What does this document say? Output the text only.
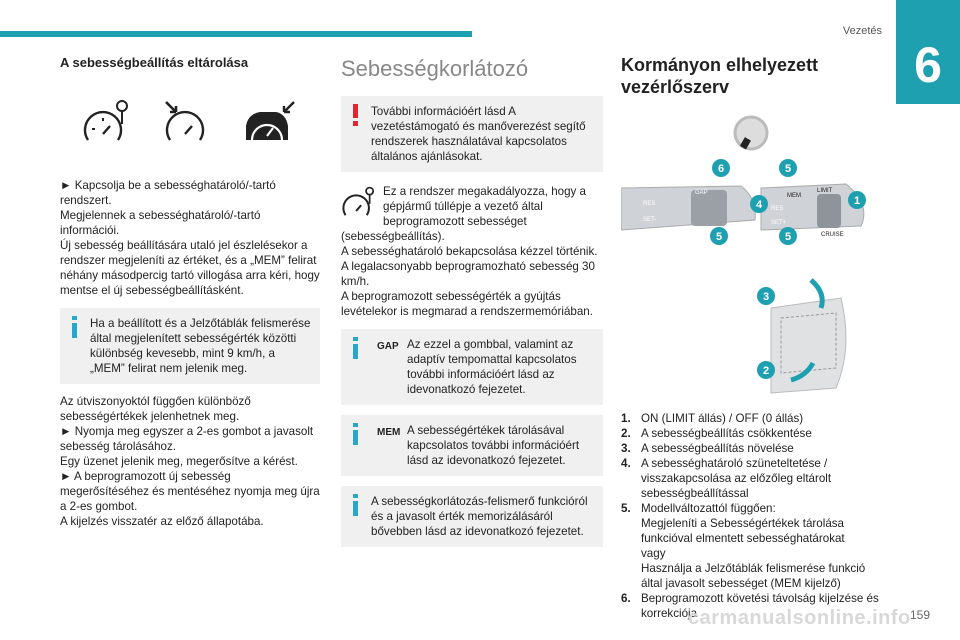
Vezetés
6
A sebességbeállítás eltárolása

► Kapcsolja be a sebességhatároló/-tartó rendszert.
Megjelennek a sebességhatároló/-tartó információi.
Új sebesség beállítására utaló jel észlelésekor a rendszer megjeleníti az értéket, és a „MEM” felirat néhány másodpercig tartó villogása arra kéri, hogy mentse el új sebességbeállításként.

Ha a beállított és a Jelzőtáblák felismerése által megjelenített sebességérték közötti különbség kevesebb, mint 9 km/h, a „MEM” felirat nem jelenik meg.

Az útviszonyoktól függően különböző sebességértékek jelenhetnek meg.
► Nyomja meg egyszer a 2-es gombot a javasolt sebesség tárolásához.
Egy üzenet jelenik meg, megerősítve a kérést.
► A beprogramozott új sebesség megerősítéséhez és mentéséhez nyomja meg újra a 2-es gombot.
A kijelzés visszatér az előző állapotába.

Sebességkorlátozó
További információért lásd A vezetéstámogató és manőverezést segítő rendszerek használatával kapcsolatos általános ajánlásokat.

Ez a rendszer megakadályozza, hogy a gépjármű túllépje a vezető által beprogramozott sebességet (sebességbeállítás).
A sebességhatároló bekapcsolása kézzel történik.
A legalacsonyabb beprogramozható sebesség 30 km/h.
A beprogramozott sebességérték a gyújtás levételekor is megmarad a rendszermemóriában.

GAP Az ezzel a gombbal, valamint az adaptív tempomattal kapcsolatos további információért lásd az idevonatkozó fejezetet.
MEM A sebességértékek tárolásával kapcsolatos további információért lásd az idevonatkozó fejezetet.
A sebességkorlátozás-felismerő funkcióról és a javasolt érték memorizálásáról bővebben lásd az idevonatkozó fejezetet.
Kormányon elhelyezett vezérlőszerv
RES
SET-
GAP	MEM
LIMIT
CRUISE
RES
SET+
6	5
4	1
5	5
3
2
1. ON (LIMIT állás) / OFF (0 állás)
2. A sebességbeállítás csökkentése
3. A sebességbeállítás növelése
4. A sebességhatároló szüneteltetése / visszakapcsolása az előzőleg eltárolt sebességbeállítással
5. Modellváltozattól függően:
Megjeleníti a Sebességértékek tárolása funkcióval elmentett sebességhatárokat
vagy
Használja a Jelzőtáblák felismerése funkció által javasolt sebességet (MEM kijelző)
6. Beprogramozott követési távolság kijelzése és korrekciója	159
carmanualsonline.info
